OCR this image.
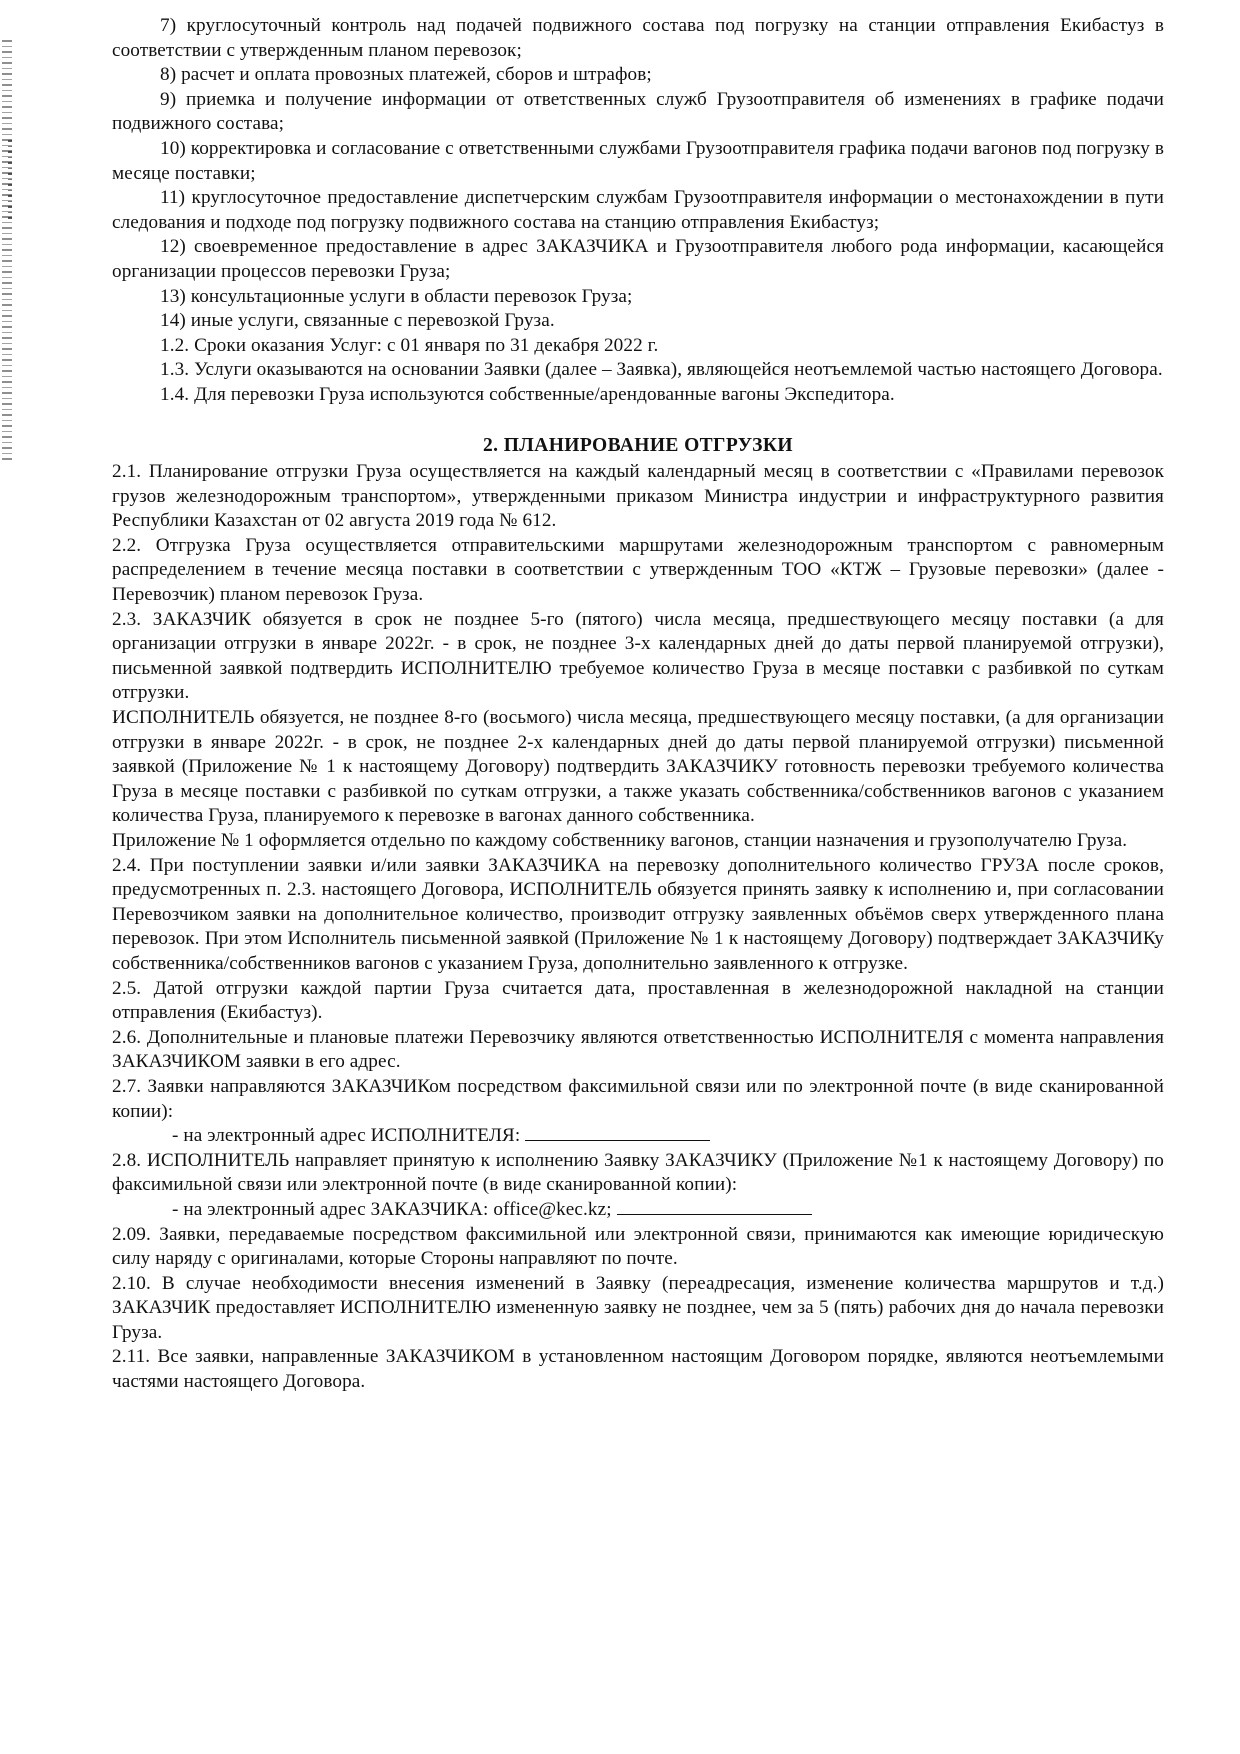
7) круглосуточный контроль над подачей подвижного состава под погрузку на станции отправления Екибастуз в соответствии с утвержденным планом перевозок;

8) расчет и оплата провозных платежей, сборов и штрафов;

9) приемка и получение информации от ответственных служб Грузоотправителя об изменениях в графике подачи подвижного состава;

10) корректировка и согласование с ответственными службами Грузоотправителя графика подачи вагонов под погрузку в месяце поставки;

11) круглосуточное предоставление диспетчерским службам Грузоотправителя информации о местонахождении в пути следования и подходе под погрузку подвижного состава на станцию отправления Екибастуз;

12) своевременное предоставление в адрес ЗАКАЗЧИКА и Грузоотправителя любого рода информации, касающейся организации процессов перевозки Груза;

13) консультационные услуги в области перевозок Груза;

14) иные услуги, связанные с перевозкой Груза.

1.2. Сроки оказания Услуг: с 01 января по 31 декабря 2022 г.

1.3. Услуги оказываются на основании Заявки (далее – Заявка), являющейся неотъемлемой частью настоящего Договора.

1.4. Для перевозки Груза используются собственные/арендованные вагоны Экспедитора.

2. ПЛАНИРОВАНИЕ ОТГРУЗКИ

2.1. Планирование отгрузки Груза осуществляется на каждый календарный месяц в соответствии с «Правилами перевозок грузов железнодорожным транспортом», утвержденными приказом Министра индустрии и инфраструктурного развития Республики Казахстан от 02 августа 2019 года № 612.

2.2. Отгрузка Груза осуществляется отправительскими маршрутами железнодорожным транспортом с равномерным распределением в течение месяца поставки в соответствии с утвержденным ТОО «КТЖ – Грузовые перевозки» (далее - Перевозчик) планом перевозок Груза.

2.3. ЗАКАЗЧИК обязуется в срок не позднее 5-го (пятого) числа месяца, предшествующего месяцу поставки (а для организации отгрузки в январе 2022г. - в срок, не позднее 3-х календарных дней до даты первой планируемой отгрузки), письменной заявкой подтвердить ИСПОЛНИТЕЛЮ требуемое количество Груза в месяце поставки с разбивкой по суткам отгрузки.

ИСПОЛНИТЕЛЬ обязуется, не позднее 8-го (восьмого) числа месяца, предшествующего месяцу поставки, (а для организации отгрузки в январе 2022г. - в срок, не позднее 2-х календарных дней до даты первой планируемой отгрузки) письменной заявкой (Приложение № 1 к настоящему Договору) подтвердить ЗАКАЗЧИКУ готовность перевозки требуемого количества Груза в месяце поставки с разбивкой по суткам отгрузки, а также указать собственника/собственников вагонов с указанием количества Груза, планируемого к перевозке в вагонах данного собственника.

Приложение № 1 оформляется отдельно по каждому собственнику вагонов, станции назначения и грузополучателю Груза.

2.4. При поступлении заявки и/или заявки ЗАКАЗЧИКА на перевозку дополнительного количество ГРУЗА после сроков, предусмотренных п. 2.3. настоящего Договора, ИСПОЛНИТЕЛЬ обязуется принять заявку к исполнению и, при согласовании Перевозчиком заявки на дополнительное количество, производит отгрузку заявленных объёмов сверх утвержденного плана перевозок. При этом Исполнитель письменной заявкой (Приложение № 1 к настоящему Договору) подтверждает ЗАКАЗЧИКу собственника/собственников вагонов с указанием Груза, дополнительно заявленного к отгрузке.

2.5. Датой отгрузки каждой партии Груза считается дата, проставленная в железнодорожной накладной на станции отправления (Екибастуз).

2.6. Дополнительные и плановые платежи Перевозчику являются ответственностью ИСПОЛНИТЕЛЯ с момента направления ЗАКАЗЧИКОМ заявки в его адрес.

2.7. Заявки направляются ЗАКАЗЧИКом посредством факсимильной связи или по электронной почте (в виде сканированной копии):

- на электронный адрес ИСПОЛНИТЕЛЯ:

2.8. ИСПОЛНИТЕЛЬ направляет принятую к исполнению Заявку ЗАКАЗЧИКУ (Приложение №1 к настоящему Договору) по факсимильной связи или электронной почте (в виде сканированной копии):

- на электронный адрес ЗАКАЗЧИКА: office@kec.kz;

2.09. Заявки, передаваемые посредством факсимильной или электронной связи, принимаются как имеющие юридическую силу наряду с оригиналами, которые Стороны направляют по почте.

2.10. В случае необходимости внесения изменений в Заявку (переадресация, изменение количества маршрутов и т.д.) ЗАКАЗЧИК предоставляет ИСПОЛНИТЕЛЮ измененную заявку не позднее, чем за 5 (пять) рабочих дня до начала перевозки Груза.

2.11. Все заявки, направленные ЗАКАЗЧИКОМ в установленном настоящим Договором порядке, являются неотъемлемыми частями настоящего Договора.
